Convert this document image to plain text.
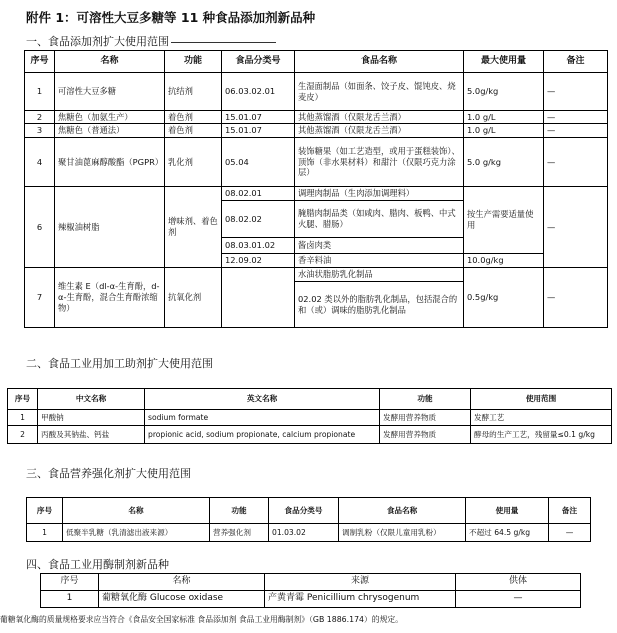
附件 1：可溶性大豆多糖等 11 种食品添加剂新品种
一、食品添加剂扩大使用范围
序号	名称	功能	食品分类号	食品名称	最大使用量	备注
1	可溶性大豆多糖	抗结剂	06.03.02.01	生湿面制品（如面条、饺子皮、馄饨皮、烧麦皮）	5.0g/kg	—
2	焦糖色（加氨生产）	着色剂	15.01.07	其他蒸馏酒（仅限龙舌兰酒）	1.0 g/L	—
3	焦糖色（普通法）	着色剂	15.01.07	其他蒸馏酒（仅限龙舌兰酒）	1.0 g/L	—
4	聚甘油蓖麻醇酸酯（PGPR）	乳化剂	05.04	装饰糖果（如工艺造型，或用于蛋糕装饰）、顶饰（非水果材料）和甜汁（仅限巧克力涂层）	5.0 g/kg	—
6	辣椒油树脂	增味剂、着色剂	08.02.01	调理肉制品（生肉添加调理料）	按生产需要适量使用	—
			08.02.02	腌腊肉制品类（如咸肉、腊肉、板鸭、中式火腿、腊肠）		
			08.03.01.02	酱卤肉类		
			12.09.02	香辛料油	10.0g/kg	
7	维生素 E（dl-α-生育酚，d-α-生育酚，混合生育酚浓缩物）	抗氧化剂		水油状脂肪乳化制品	0.5g/kg	—
				02.02 类以外的脂肪乳化制品，包括混合的和（或）调味的脂肪乳化制品		
二、食品工业用加工助剂扩大使用范围
序号	中文名称	英文名称	功能	使用范围
1	甲酸钠	sodium formate	发酵用营养物质	发酵工艺
2	丙酸及其钠盐、钙盐	propionic acid, sodium propionate, calcium propionate	发酵用营养物质	酵母的生产工艺，残留量≤0.1 g/kg
三、食品营养强化剂扩大使用范围
序号	名称	功能	食品分类号	食品名称	使用量	备注
1	低聚半乳糖（乳清滤出液来源）	营养强化剂	01.03.02	调制乳粉（仅限儿童用乳粉）	不超过 64.5 g/kg	—
四、食品工业用酶制剂新品种
序号	名称	来源	供体
1	葡糖氧化酶 Glucose oxidase	产黄青霉 Penicillium chrysogenum	—
葡糖氧化酶的质量规格要求应当符合《食品安全国家标准 食品添加剂 食品工业用酶制剂》（GB 1886.174）的规定。
